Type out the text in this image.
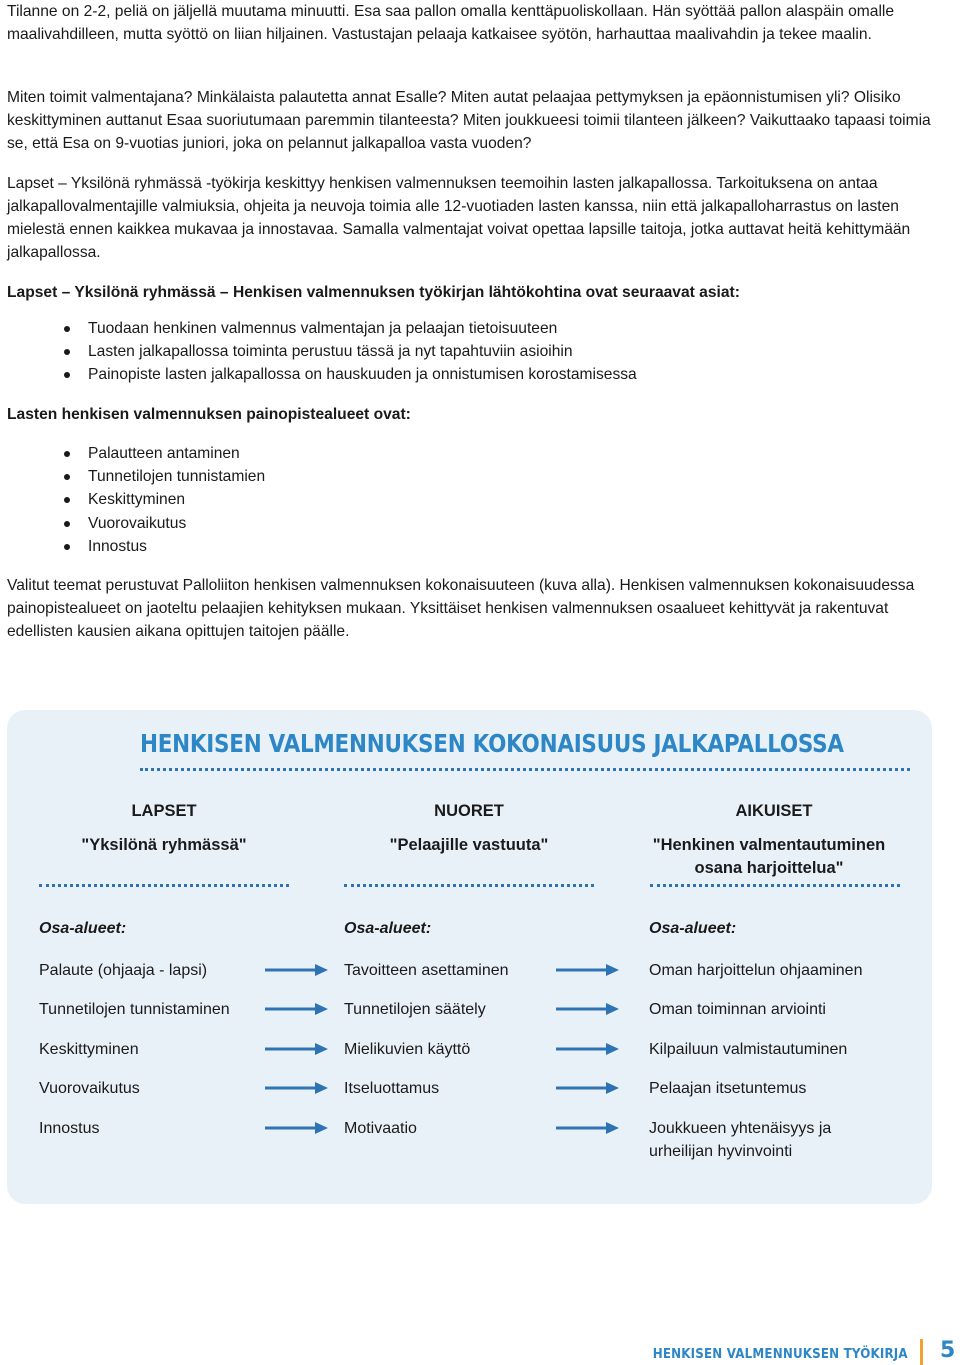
Tilanne on 2-2, peliä on jäljellä muutama minuutti. Esa saa pallon omalla kenttäpuoliskollaan. Hän syöttää pallon alaspäin omalle maalivahdilleen, mutta syöttö on liian hiljainen. Vastustajan pelaaja katkaisee syötön, harhauttaa maalivahdin ja tekee maalin.

Miten toimit valmentajana? Minkälaista palautetta annat Esalle? Miten autat pelaajaa pettymyksen ja epäonnistumisen yli? Olisiko keskittyminen auttanut Esaa suoriutumaan paremmin tilanteesta? Miten joukkueesi toimii tilanteen jälkeen? Vaikuttaako tapaasi toimia se, että Esa on 9-vuotias juniori, joka on pelannut jalkapalloa vasta vuoden?

Lapset – Yksilönä ryhmässä -työkirja keskittyy henkisen valmennuksen teemoihin lasten jalkapallossa. Tarkoituksena on antaa jalkapallovalmentajille valmiuksia, ohjeita ja neuvoja toimia alle 12-vuotiaden lasten kanssa, niin että jalkapalloharrastus on lasten mielestä ennen kaikkea mukavaa ja innostavaa. Samalla valmentajat voivat opettaa lapsille taitoja, jotka auttavat heitä kehittymään jalkapallossa.

Lapset – Yksilönä ryhmässä – Henkisen valmennuksen työkirjan lähtökohtina ovat seuraavat asiat:

Tuodaan henkinen valmennus valmentajan ja pelaajan tietoisuuteen
Lasten jalkapallossa toiminta perustuu tässä ja nyt tapahtuviin asioihin
Painopiste lasten jalkapallossa on hauskuuden ja onnistumisen korostamisessa

Lasten henkisen valmennuksen painopistealueet ovat:

Palautteen antaminen
Tunnetilojen tunnistamien
Keskittyminen
Vuorovaikutus
Innostus

Valitut teemat perustuvat Palloliiton henkisen valmennuksen kokonaisuuteen (kuva alla). Henkisen valmennuksen kokonaisuudessa painopistealueet on jaoteltu pelaajien kehityksen mukaan. Yksittäiset henkisen valmennuksen osaalueet kehittyvät ja rakentuvat edellisten kausien aikana opittujen taitojen päälle.

HENKISEN VALMENNUKSEN KOKONAISUUS JALKAPALLOSSA
LAPSET
"Yksilönä ryhmässä"
Osa-alueet:
Palaute (ohjaaja - lapsi)
Tunnetilojen tunnistaminen
Keskittyminen
Vuorovaikutus
Innostus
NUORET
"Pelaajille vastuuta"
Osa-alueet:
Tavoitteen asettaminen
Tunnetilojen säätely
Mielikuvien käyttö
Itseluottamus
Motivaatio
AIKUISET
"Henkinen valmentautuminen osana harjoittelua"
Osa-alueet:
Oman harjoittelun ohjaaminen
Oman toiminnan arviointi
Kilpailuun valmistautuminen
Pelaajan itsetuntemus
Joukkueen yhtenäisyys ja urheilijan hyvinvointi
HENKISEN VALMENNUKSEN TYÖKIRJA 5
